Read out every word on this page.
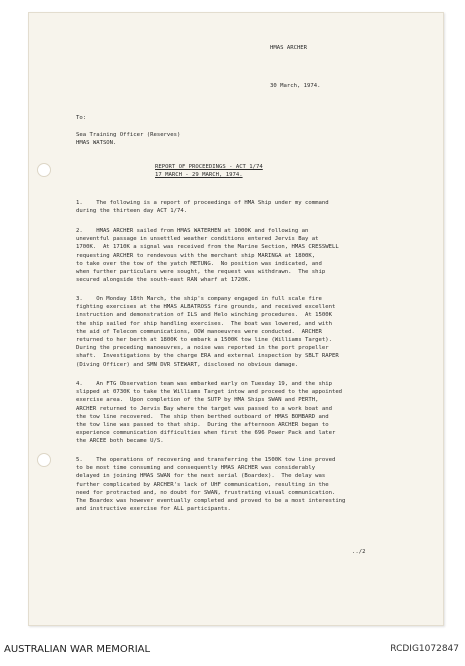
HMAS ARCHER
30 March, 1974.
To:
Sea Training Officer (Reserves)
HMAS WATSON.
REPORT OF PROCEEDINGS - ACT 1/74
17 MARCH - 29 MARCH, 1974.
1.    The following is a report of proceedings of HMA Ship under my command
during the thirteen day ACT 1/74.
2.    HMAS ARCHER sailed from HMAS WATERHEN at 1000K and following an
uneventful passage in unsettled weather conditions entered Jervis Bay at
1700K.  At 1710K a signal was received from the Marine Section, HMAS CRESSWELL
requesting ARCHER to rendevous with the merchant ship MARINGA at 1800K,
to take over the tow of the yatch METUNG.  No position was indicated, and
when further particulars were sought, the request was withdrawn.  The ship
secured alongside the south-east RAN wharf at 1720K.
3.    On Monday 18th March, the ship's company engaged in full scale fire
fighting exercises at the HMAS ALBATROSS fire grounds, and received excellent
instruction and demonstration of ILS and Helo winching procedures.  At 1500K
the ship sailed for ship handling exercises.  The boat was lowered, and with
the aid of Telecom communications, OOW manoeuvres were conducted.  ARCHER
returned to her berth at 1800K to embark a 1500K tow line (Williams Target).
During the preceding manoeuvres, a noise was reported in the port propeller
shaft.  Investigations by the charge ERA and external inspection by SBLT RAPER
(Diving Officer) and SMN DVR STEWART, disclosed no obvious damage.
4.    An FTG Observation team was embarked early on Tuesday 19, and the ship
slipped at 0730K to take the Williams Target intow and proceed to the appointed
exercise area.  Upon completion of the SUTP by HMA Ships SWAN and PERTH,
ARCHER returned to Jervis Bay where the target was passed to a work boat and
the tow line recovered.  The ship then berthed outboard of HMAS BOMBARD and
the tow line was passed to that ship.  During the afternoon ARCHER began to
experience communication difficulties when first the 696 Power Pack and later
the ARCEE both became U/S.
5.    The operations of recovering and transferring the 1500K tow line proved
to be most time consuming and consequently HMAS ARCHER was considerably
delayed in joining HMAS SWAN for the next serial (Boardex).  The delay was
further complicated by ARCHER's lack of UHF communication, resulting in the
need for protracted and, no doubt for SWAN, frustrating visual communication.
The Boardex was however eventually completed and proved to be a most interesting
and instructive exercise for ALL participants.
../2
AUSTRALIAN WAR MEMORIAL	RCDIG1072847
